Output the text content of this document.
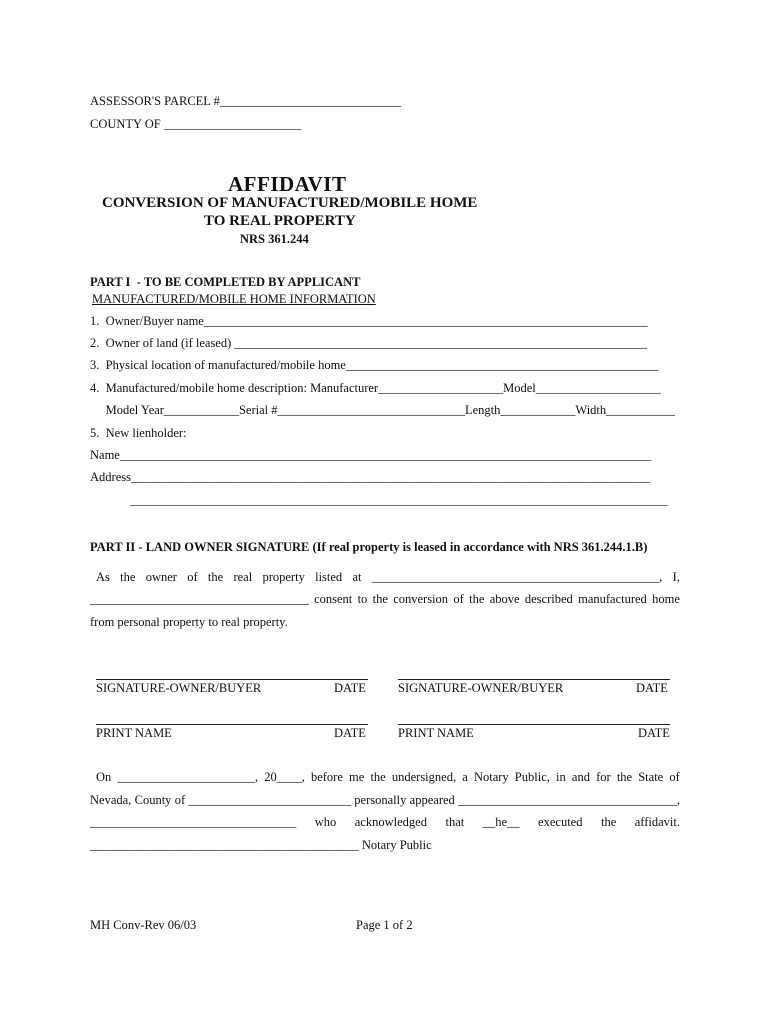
ASSESSOR'S PARCEL #_____________________________
COUNTY OF ______________________
AFFIDAVIT
CONVERSION OF MANUFACTURED/MOBILE HOME
TO REAL PROPERTY
NRS 361.244
PART I  - TO BE COMPLETED BY APPLICANT
MANUFACTURED/MOBILE HOME INFORMATION
1.  Owner/Buyer name_______________________________________________________________________
2.  Owner of land (if leased) __________________________________________________________________
3.  Physical location of manufactured/mobile home__________________________________________________
4.  Manufactured/mobile home description: Manufacturer____________________Model____________________
Model Year____________Serial #______________________________Length____________Width___________
5.  New lienholder:
Name_____________________________________________________________________________________
Address___________________________________________________________________________________
______________________________________________________________________________________
PART II - LAND OWNER SIGNATURE (If real property is leased in accordance with NRS 361.244.1.B)
As the owner of the real property listed at ______________________________________________, I,
___________________________________ consent to the conversion of the above described manufactured home
from personal property to real property.
SIGNATURE-OWNER/BUYER	DATE	SIGNATURE-OWNER/BUYER	DATE
PRINT NAME	DATE	PRINT NAME	DATE
On ______________________, 20____, before me the undersigned, a Notary Public, in and for the State of
Nevada, County of __________________________ personally appeared ___________________________________,
_________________________________ who acknowledged that __he__ executed the affidavit.
___________________________________________ Notary Public
MH Conv-Rev 06/03	Page 1 of 2
